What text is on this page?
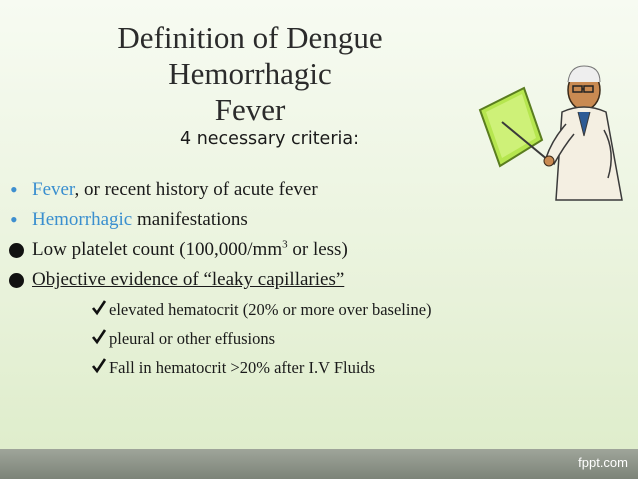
Definition of Dengue Hemorrhagic
Fever
4 necessary criteria:
• Fever, or recent history of acute fever
• Hemorrhagic manifestations
Low platelet count ($100,000/mm^3$ or less)
Objective evidence of “leaky capillaries”
elevated hematocrit (20% or more over baseline)
pleural or other effusions
Fall in hematocrit >20% after I.V Fluids
fppt.com
